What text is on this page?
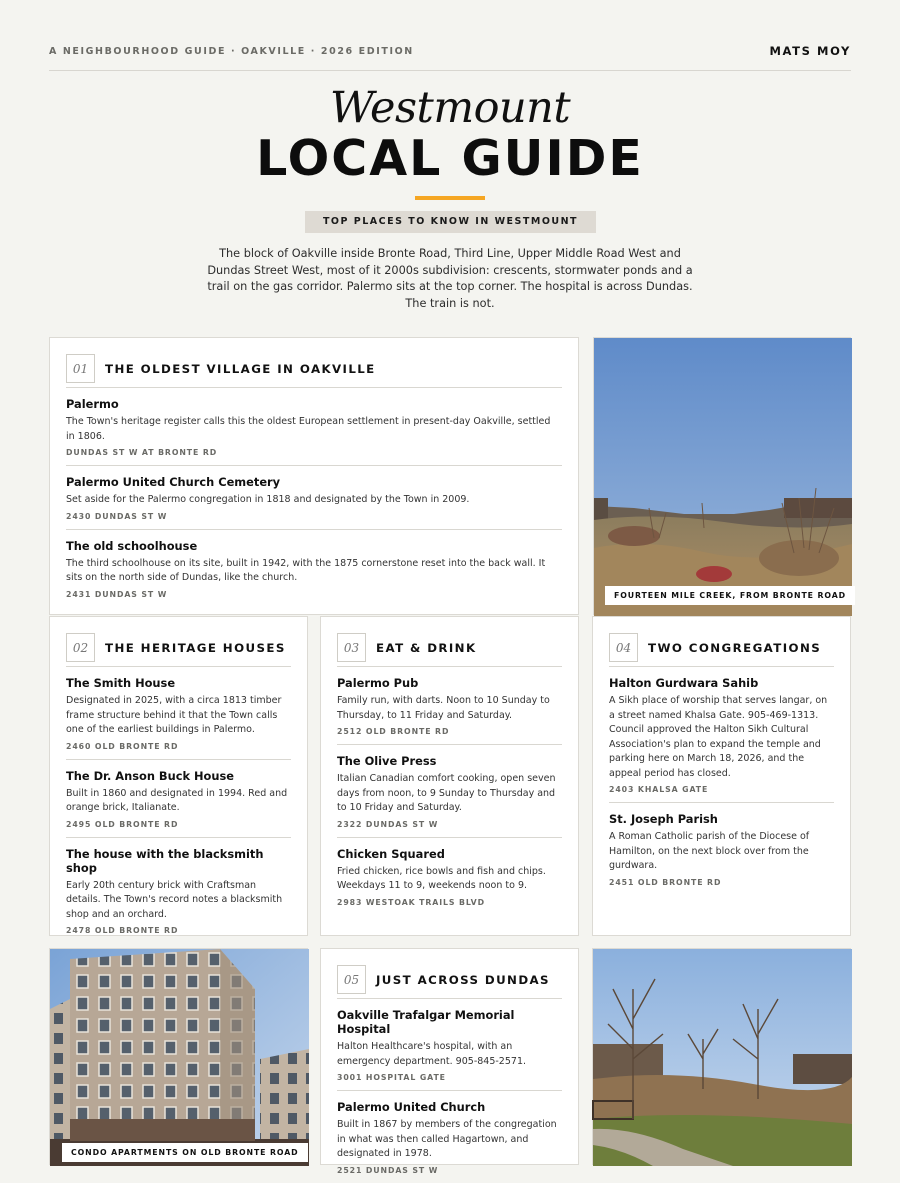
A NEIGHBOURHOOD GUIDE · OAKVILLE · 2026 EDITION	MATS MOY
Westmount
LOCAL GUIDE
TOP PLACES TO KNOW IN WESTMOUNT
The block of Oakville inside Bronte Road, Third Line, Upper Middle Road West and Dundas Street West, most of it 2000s subdivision: crescents, stormwater ponds and a trail on the gas corridor. Palermo sits at the top corner. The hospital is across Dundas. The train is not.
01	THE OLDEST VILLAGE IN OAKVILLE
Palermo
The Town's heritage register calls this the oldest European settlement in present-day Oakville, settled in 1806.
DUNDAS ST W AT BRONTE RD
Palermo United Church Cemetery
Set aside for the Palermo congregation in 1818 and designated by the Town in 2009.
2430 DUNDAS ST W
The old schoolhouse
The third schoolhouse on its site, built in 1942, with the 1875 cornerstone reset into the back wall. It sits on the north side of Dundas, like the church.
2431 DUNDAS ST W	FOURTEEN MILE CREEK, FROM BRONTE ROAD
02	THE HERITAGE HOUSES
The Smith House
Designated in 2025, with a circa 1813 timber frame structure behind it that the Town calls one of the earliest buildings in Palermo.
2460 OLD BRONTE RD
The Dr. Anson Buck House
Built in 1860 and designated in 1994. Red and orange brick, Italianate.
2495 OLD BRONTE RD
The house with the blacksmith shop
Early 20th century brick with Craftsman details. The Town's record notes a blacksmith shop and an orchard.
2478 OLD BRONTE RD
03	EAT & DRINK
Palermo Pub
Family run, with darts. Noon to 10 Sunday to Thursday, to 11 Friday and Saturday.
2512 OLD BRONTE RD
The Olive Press
Italian Canadian comfort cooking, open seven days from noon, to 9 Sunday to Thursday and to 10 Friday and Saturday.
2322 DUNDAS ST W
Chicken Squared
Fried chicken, rice bowls and fish and chips. Weekdays 11 to 9, weekends noon to 9.
2983 WESTOAK TRAILS BLVD
04	TWO CONGREGATIONS
Halton Gurdwara Sahib
A Sikh place of worship that serves langar, on a street named Khalsa Gate. 905-469-1313. Council approved the Halton Sikh Cultural Association's plan to expand the temple and parking here on March 18, 2026, and the appeal period has closed.
2403 KHALSA GATE
St. Joseph Parish
A Roman Catholic parish of the Diocese of Hamilton, on the next block over from the gurdwara.
2451 OLD BRONTE RD
CONDO APARTMENTS ON OLD BRONTE ROAD
05	JUST ACROSS DUNDAS
Oakville Trafalgar Memorial Hospital
Halton Healthcare's hospital, with an emergency department. 905-845-2571.
3001 HOSPITAL GATE
Palermo United Church
Built in 1867 by members of the congregation in what was then called Hagartown, and designated in 1978.
2521 DUNDAS ST W
